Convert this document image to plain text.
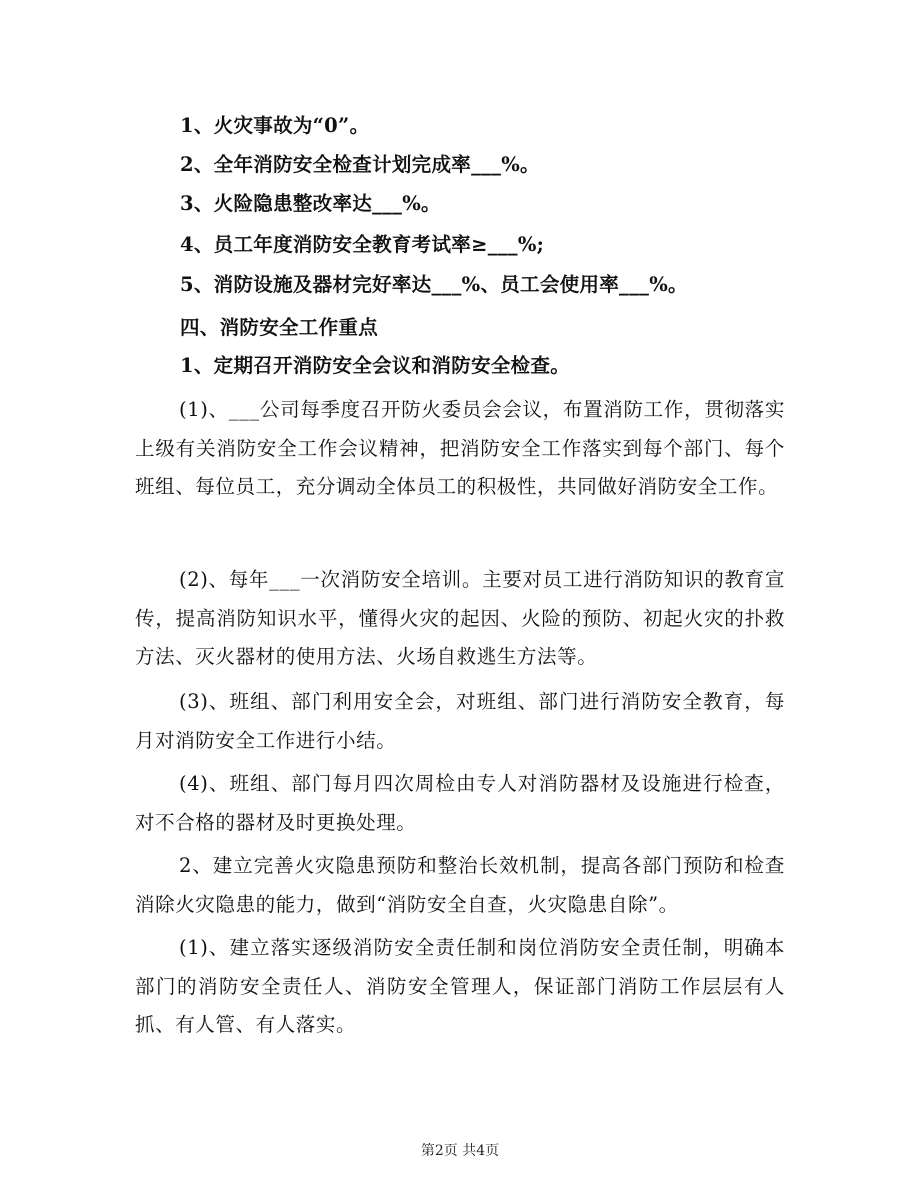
1、火灾事故为“0”。
2、全年消防安全检查计划完成率___%。
3、火险隐患整改率达___%。
4、员工年度消防安全教育考试率≥___%;
5、消防设施及器材完好率达___%、员工会使用率___%。
四、消防安全工作重点
1、定期召开消防安全会议和消防安全检查。
(1)、___公司每季度召开防火委员会会议，布置消防工作，贯彻落实上级有关消防安全工作会议精神，把消防安全工作落实到每个部门、每个班组、每位员工，充分调动全体员工的积极性，共同做好消防安全工作。
(2)、每年___一次消防安全培训。主要对员工进行消防知识的教育宣传，提高消防知识水平，懂得火灾的起因、火险的预防、初起火灾的扑救方法、灭火器材的使用方法、火场自救逃生方法等。
(3)、班组、部门利用安全会，对班组、部门进行消防安全教育，每月对消防安全工作进行小结。
(4)、班组、部门每月四次周检由专人对消防器材及设施进行检查，对不合格的器材及时更换处理。
2、建立完善火灾隐患预防和整治长效机制，提高各部门预防和检查消除火灾隐患的能力，做到“消防安全自查，火灾隐患自除”。
(1)、建立落实逐级消防安全责任制和岗位消防安全责任制，明确本部门的消防安全责任人、消防安全管理人，保证部门消防工作层层有人抓、有人管、有人落实。
第2页 共4页
